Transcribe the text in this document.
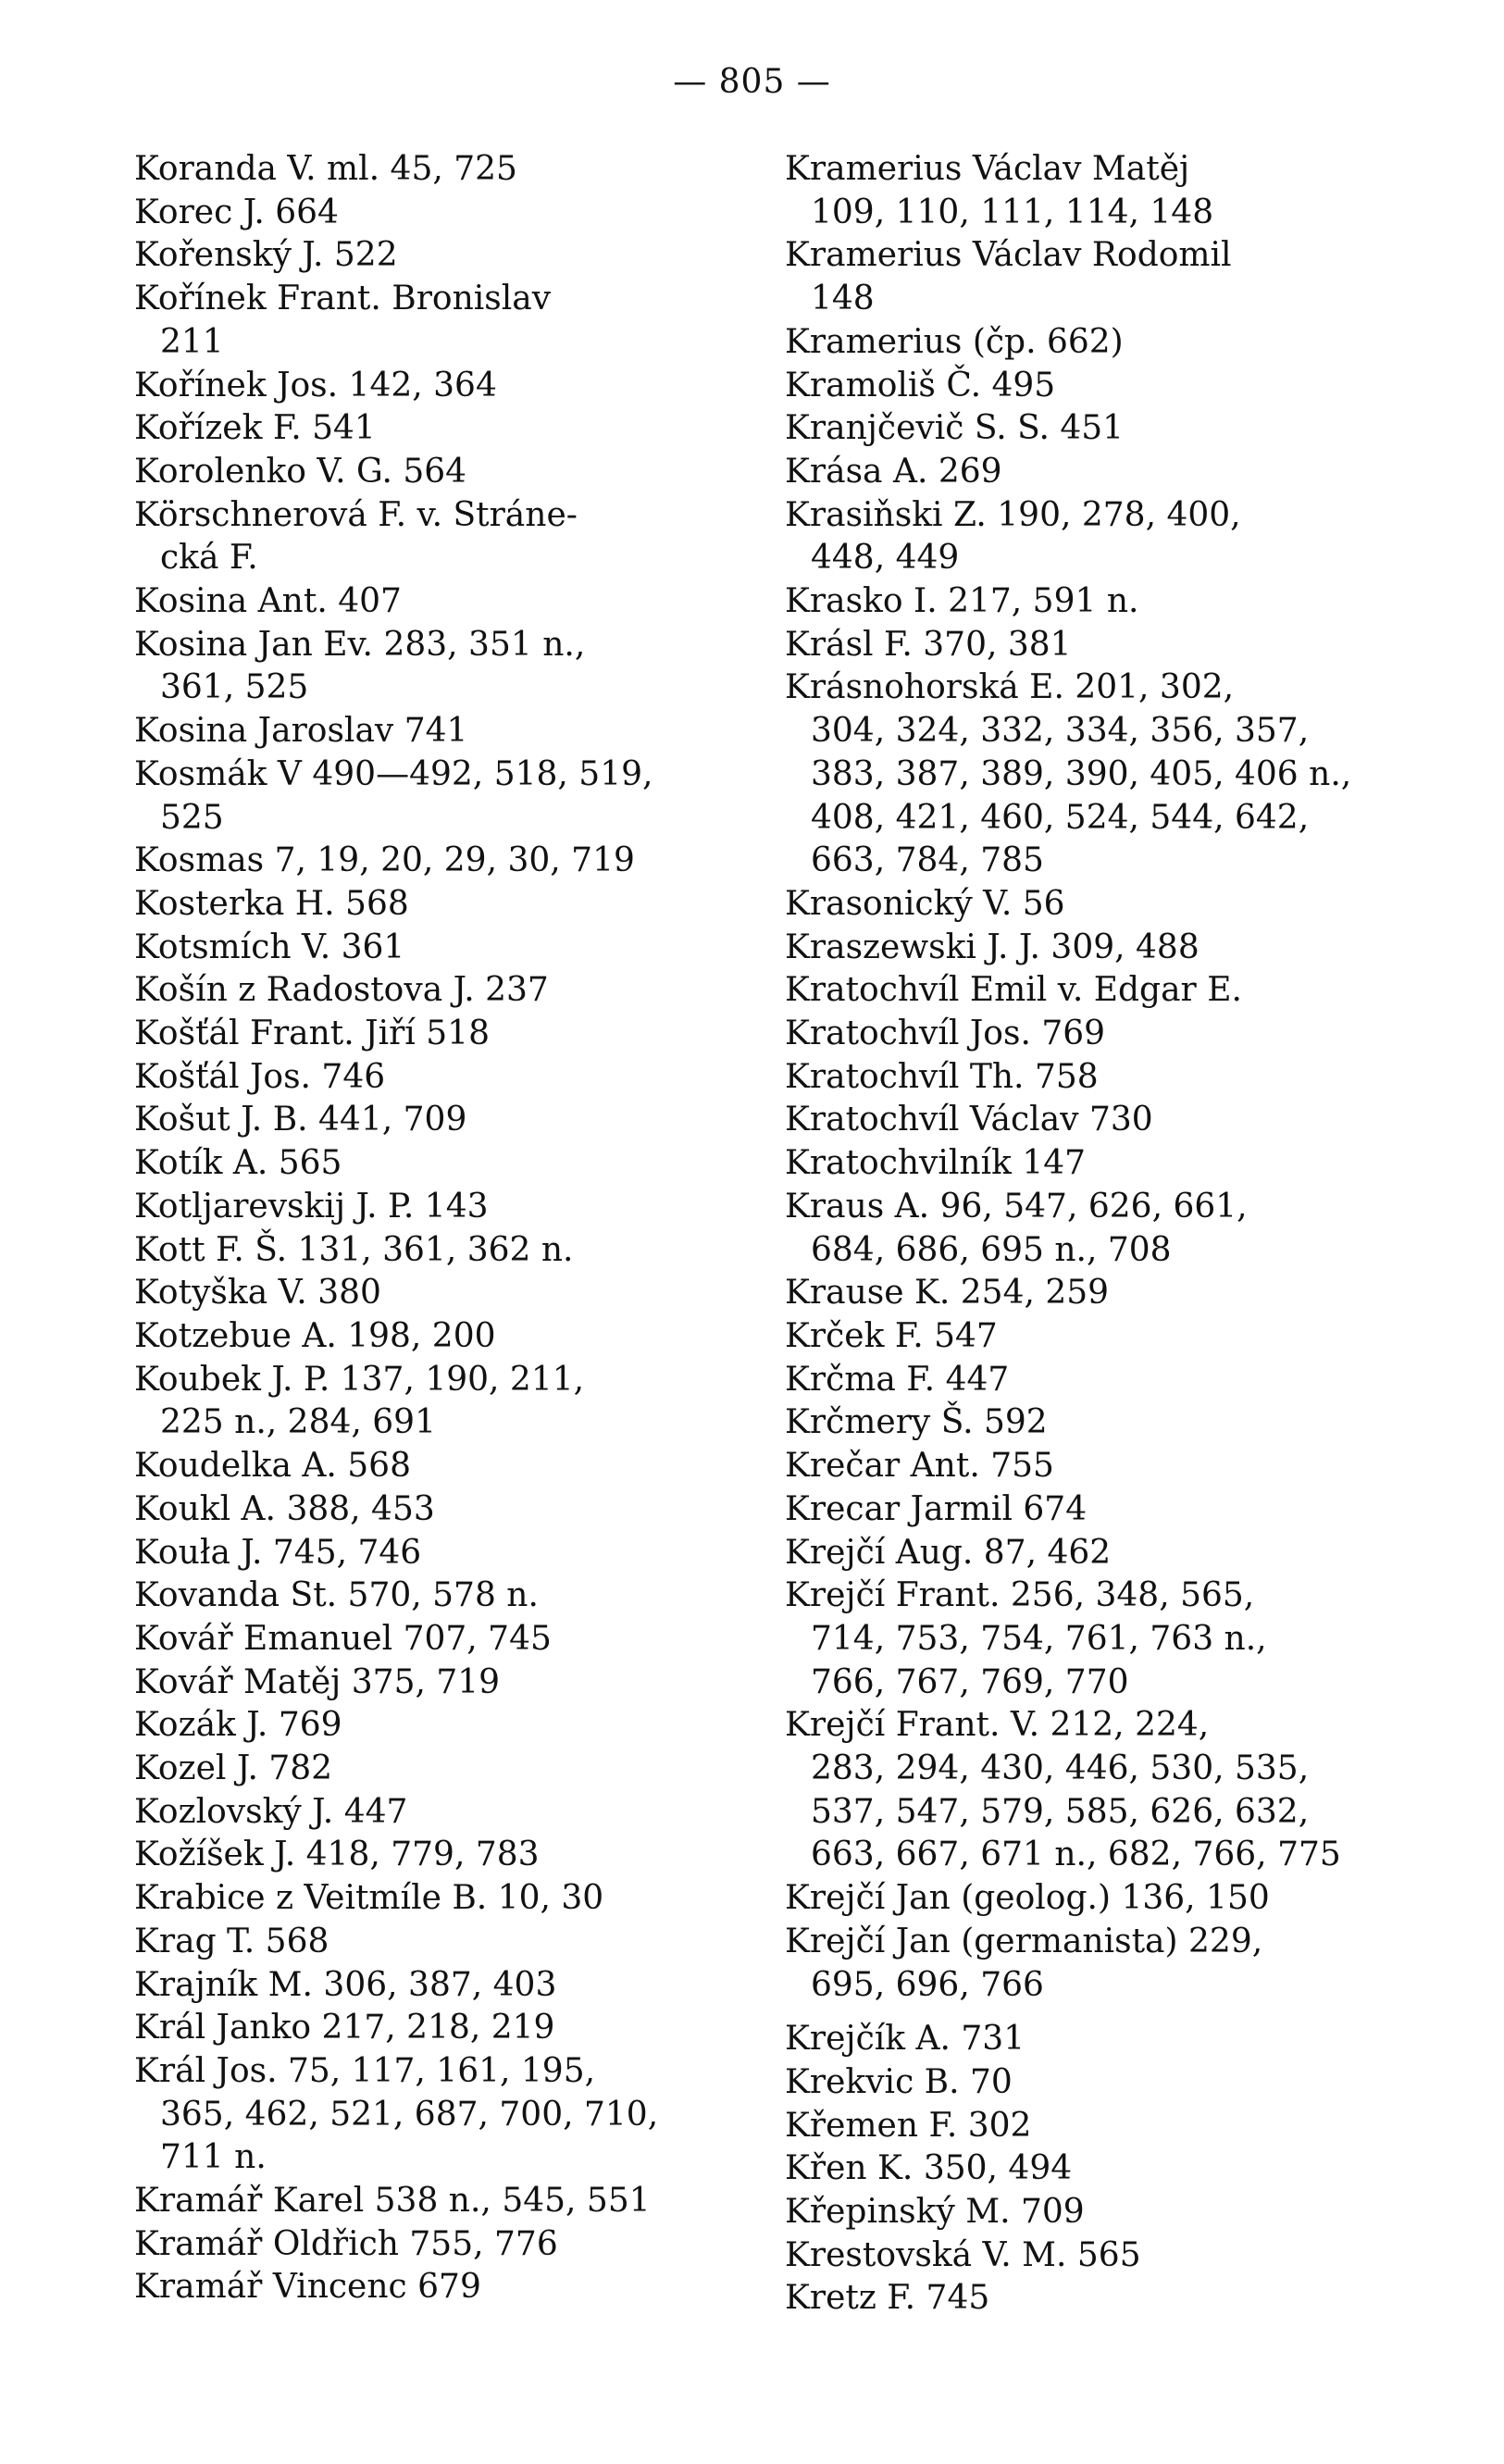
— 805 —
Koranda V. ml. 45, 725
Korec J. 664
Kořenský J. 522
Kořínek Frant. Bronislav
211
Kořínek Jos. 142, 364
Kořízek F. 541
Korolenko V. G. 564
Körschnerová F. v. Stráne-
cká F.
Kosina Ant. 407
Kosina Jan Ev. 283, 351 n.,
361, 525
Kosina Jaroslav 741
Kosmák V 490—492, 518, 519,
525
Kosmas 7, 19, 20, 29, 30, 719
Kosterka H. 568
Kotsmích V. 361
Košín z Radostova J. 237
Košťál Frant. Jiří 518
Košťál Jos. 746
Košut J. B. 441, 709
Kotík A. 565
Kotljarevskij J. P. 143
Kott F. Š. 131, 361, 362 n.
Kotyška V. 380
Kotzebue A. 198, 200
Koubek J. P. 137, 190, 211,
225 n., 284, 691
Koudelka A. 568
Koukl A. 388, 453
Kouła J. 745, 746
Kovanda St. 570, 578 n.
Kovář Emanuel 707, 745
Kovář Matěj 375, 719
Kozák J. 769
Kozel J. 782
Kozlovský J. 447
Kožíšek J. 418, 779, 783
Krabice z Veitmíle B. 10, 30
Krag T. 568
Krajník M. 306, 387, 403
Král Janko 217, 218, 219
Král Jos. 75, 117, 161, 195,
365, 462, 521, 687, 700, 710,
711 n.
Kramář Karel 538 n., 545, 551
Kramář Oldřich 755, 776
Kramář Vincenc 679
Kramerius Václav Matěj
109, 110, 111, 114, 148
Kramerius Václav Rodomil
148
Kramerius (čp. 662)
Kramoliš Č. 495
Kranjčevič S. S. 451
Krása A. 269
Krasiňski Z. 190, 278, 400,
448, 449
Krasko I. 217, 591 n.
Krásl F. 370, 381
Krásnohorská E. 201, 302,
304, 324, 332, 334, 356, 357,
383, 387, 389, 390, 405, 406 n.,
408, 421, 460, 524, 544, 642,
663, 784, 785
Krasonický V. 56
Kraszewski J. J. 309, 488
Kratochvíl Emil v. Edgar E.
Kratochvíl Jos. 769
Kratochvíl Th. 758
Kratochvíl Václav 730
Kratochvilník 147
Kraus A. 96, 547, 626, 661,
684, 686, 695 n., 708
Krause K. 254, 259
Krček F. 547
Krčma F. 447
Krčmery Š. 592
Krečar Ant. 755
Krecar Jarmil 674
Krejčí Aug. 87, 462
Krejčí Frant. 256, 348, 565,
714, 753, 754, 761, 763 n.,
766, 767, 769, 770
Krejčí Frant. V. 212, 224,
283, 294, 430, 446, 530, 535,
537, 547, 579, 585, 626, 632,
663, 667, 671 n., 682, 766, 775
Krejčí Jan (geolog.) 136, 150
Krejčí Jan (germanista) 229,
695, 696, 766
Krejčík A. 731
Krekvic B. 70
Křemen F. 302
Křen K. 350, 494
Křepinský M. 709
Krestovská V. M. 565
Kretz F. 745
